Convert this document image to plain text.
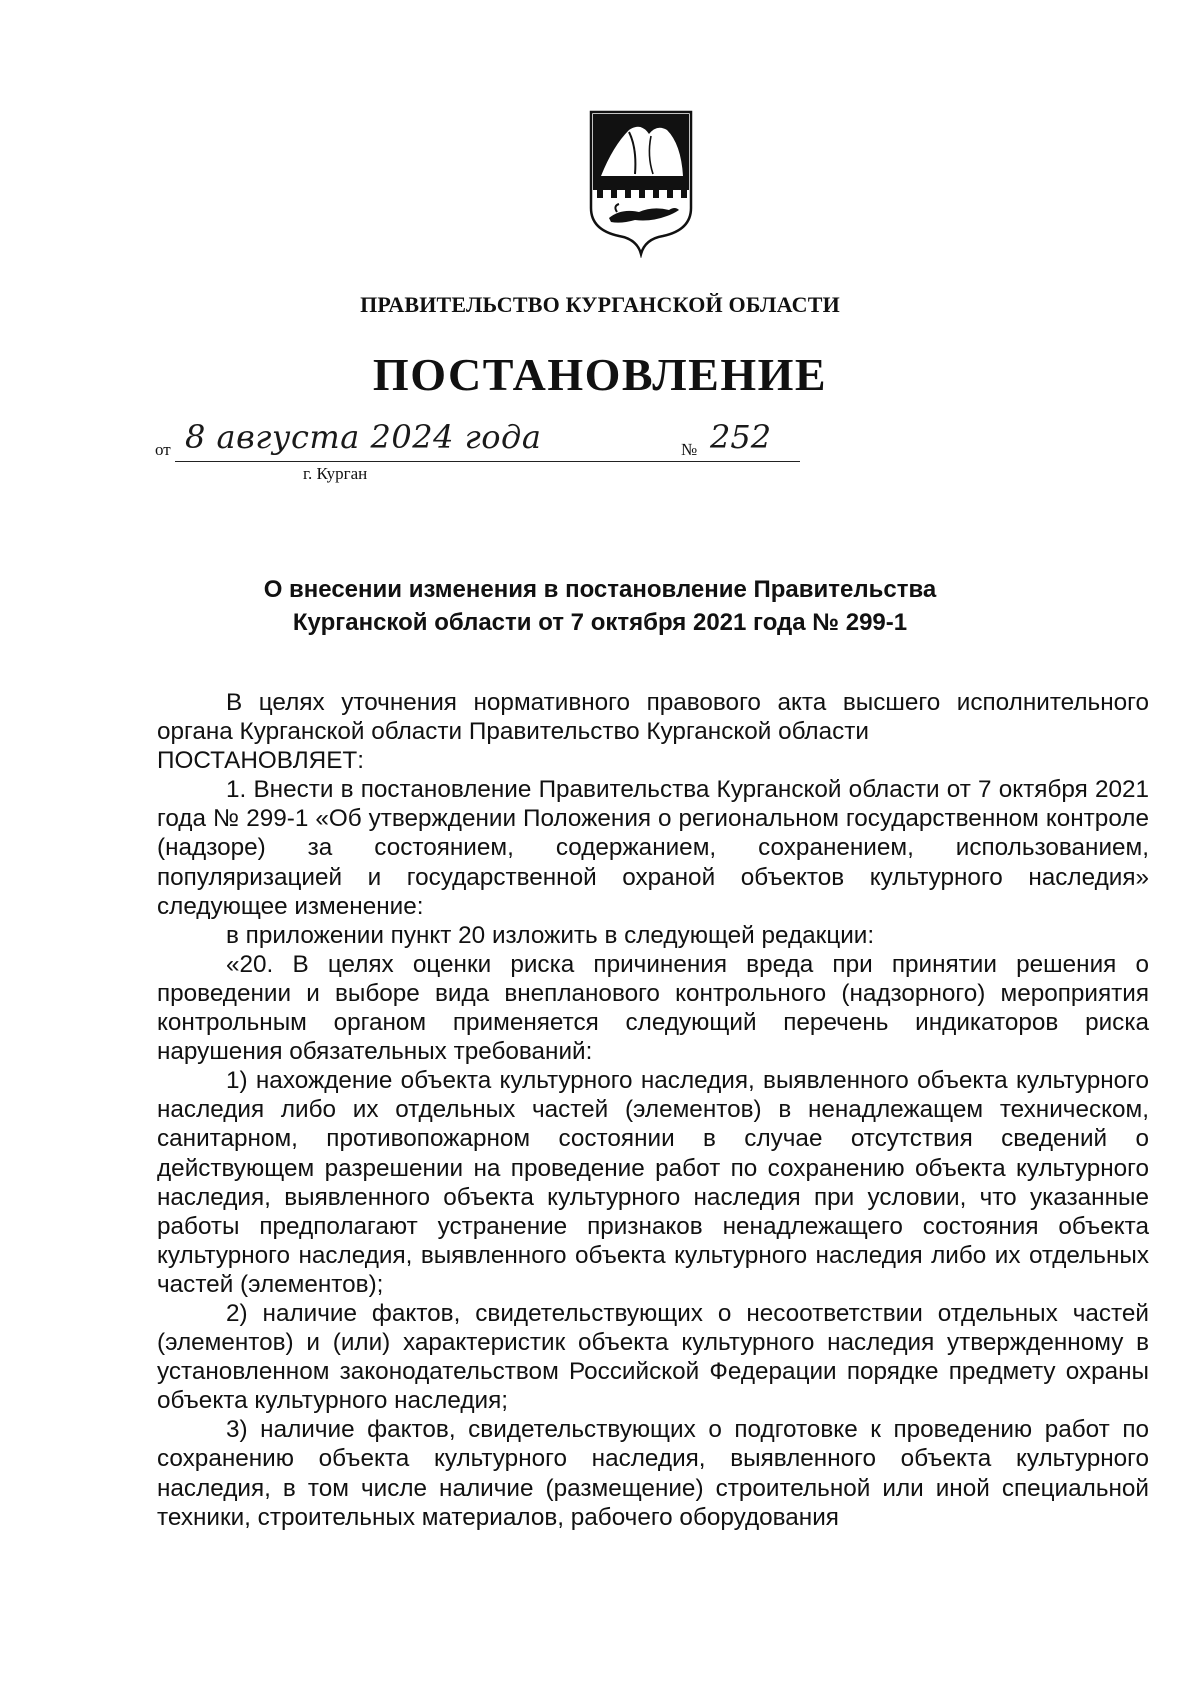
ПРАВИТЕЛЬСТВО КУРГАНСКОЙ ОБЛАСТИ
ПОСТАНОВЛЕНИЕ
от 8 августа 2024 года	№ 252
г. Курган
О внесении изменения в постановление Правительства
Курганской области от 7 октября 2021 года № 299-1

В целях уточнения нормативного правового акта высшего исполнительного органа Курганской области Правительство Курганской области

ПОСТАНОВЛЯЕТ:

1. Внести в постановление Правительства Курганской области от 7 октября 2021 года № 299-1 «Об утверждении Положения о региональном государственном контроле (надзоре) за состоянием, содержанием, сохранением, использованием, популяризацией и государственной охраной объектов культурного наследия» следующее изменение:

в приложении пункт 20 изложить в следующей редакции:

«20. В целях оценки риска причинения вреда при принятии решения о проведении и выборе вида внепланового контрольного (надзорного) мероприятия контрольным органом применяется следующий перечень индикаторов риска нарушения обязательных требований:

1) нахождение объекта культурного наследия, выявленного объекта культурного наследия либо их отдельных частей (элементов) в ненадлежащем техническом, санитарном, противопожарном состоянии в случае отсутствия сведений о действующем разрешении на проведение работ по сохранению объекта культурного наследия, выявленного объекта культурного наследия при условии, что указанные работы предполагают устранение признаков ненадлежащего состояния объекта культурного наследия, выявленного объекта культурного наследия либо их отдельных частей (элементов);

2) наличие фактов, свидетельствующих о несоответствии отдельных частей (элементов) и (или) характеристик объекта культурного наследия утвержденному в установленном законодательством Российской Федерации порядке предмету охраны объекта культурного наследия;

3) наличие фактов, свидетельствующих о подготовке к проведению работ по сохранению объекта культурного наследия, выявленного объекта культурного наследия, в том числе наличие (размещение) строительной или иной специальной техники, строительных материалов, рабочего оборудования
